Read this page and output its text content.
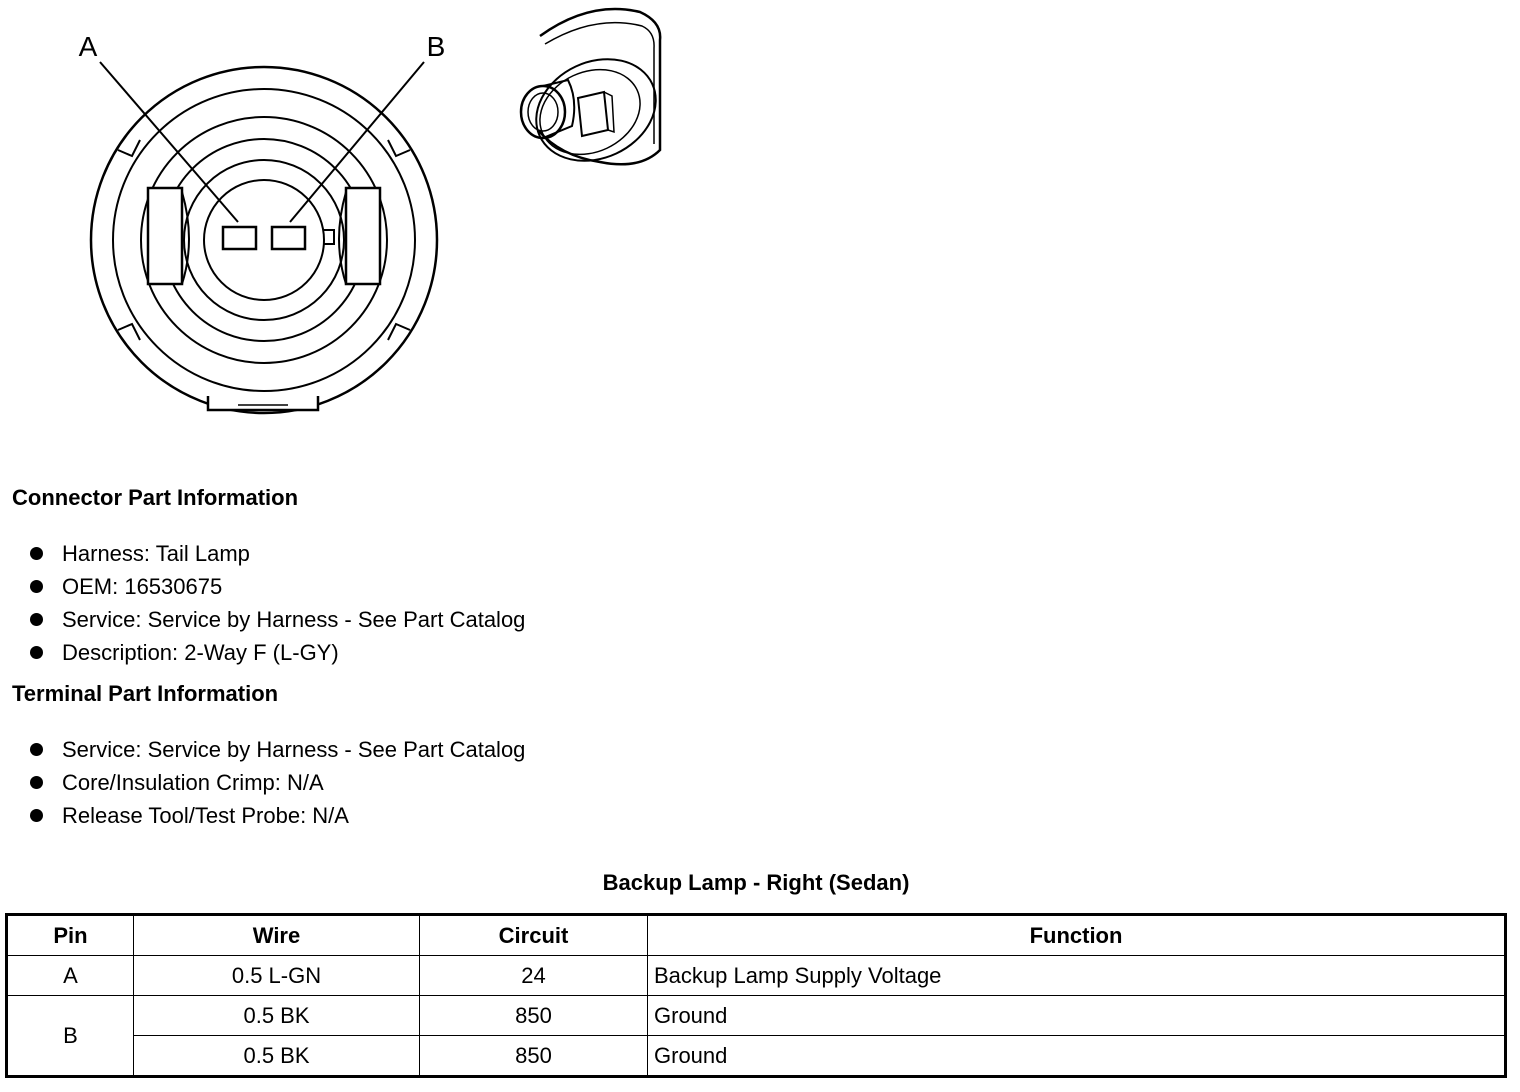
A	B
Connector Part Information
Harness: Tail Lamp
OEM: 16530675
Service: Service by Harness - See Part Catalog
Description: 2-Way F (L-GY)
Terminal Part Information
Service: Service by Harness - See Part Catalog
Core/Insulation Crimp: N/A
Release Tool/Test Probe: N/A
Backup Lamp - Right (Sedan)
Pin	Wire	Circuit	Function
A	0.5 L-GN	24	Backup Lamp Supply Voltage
B	0.5 BK	850	Ground
	0.5 BK	850	Ground
